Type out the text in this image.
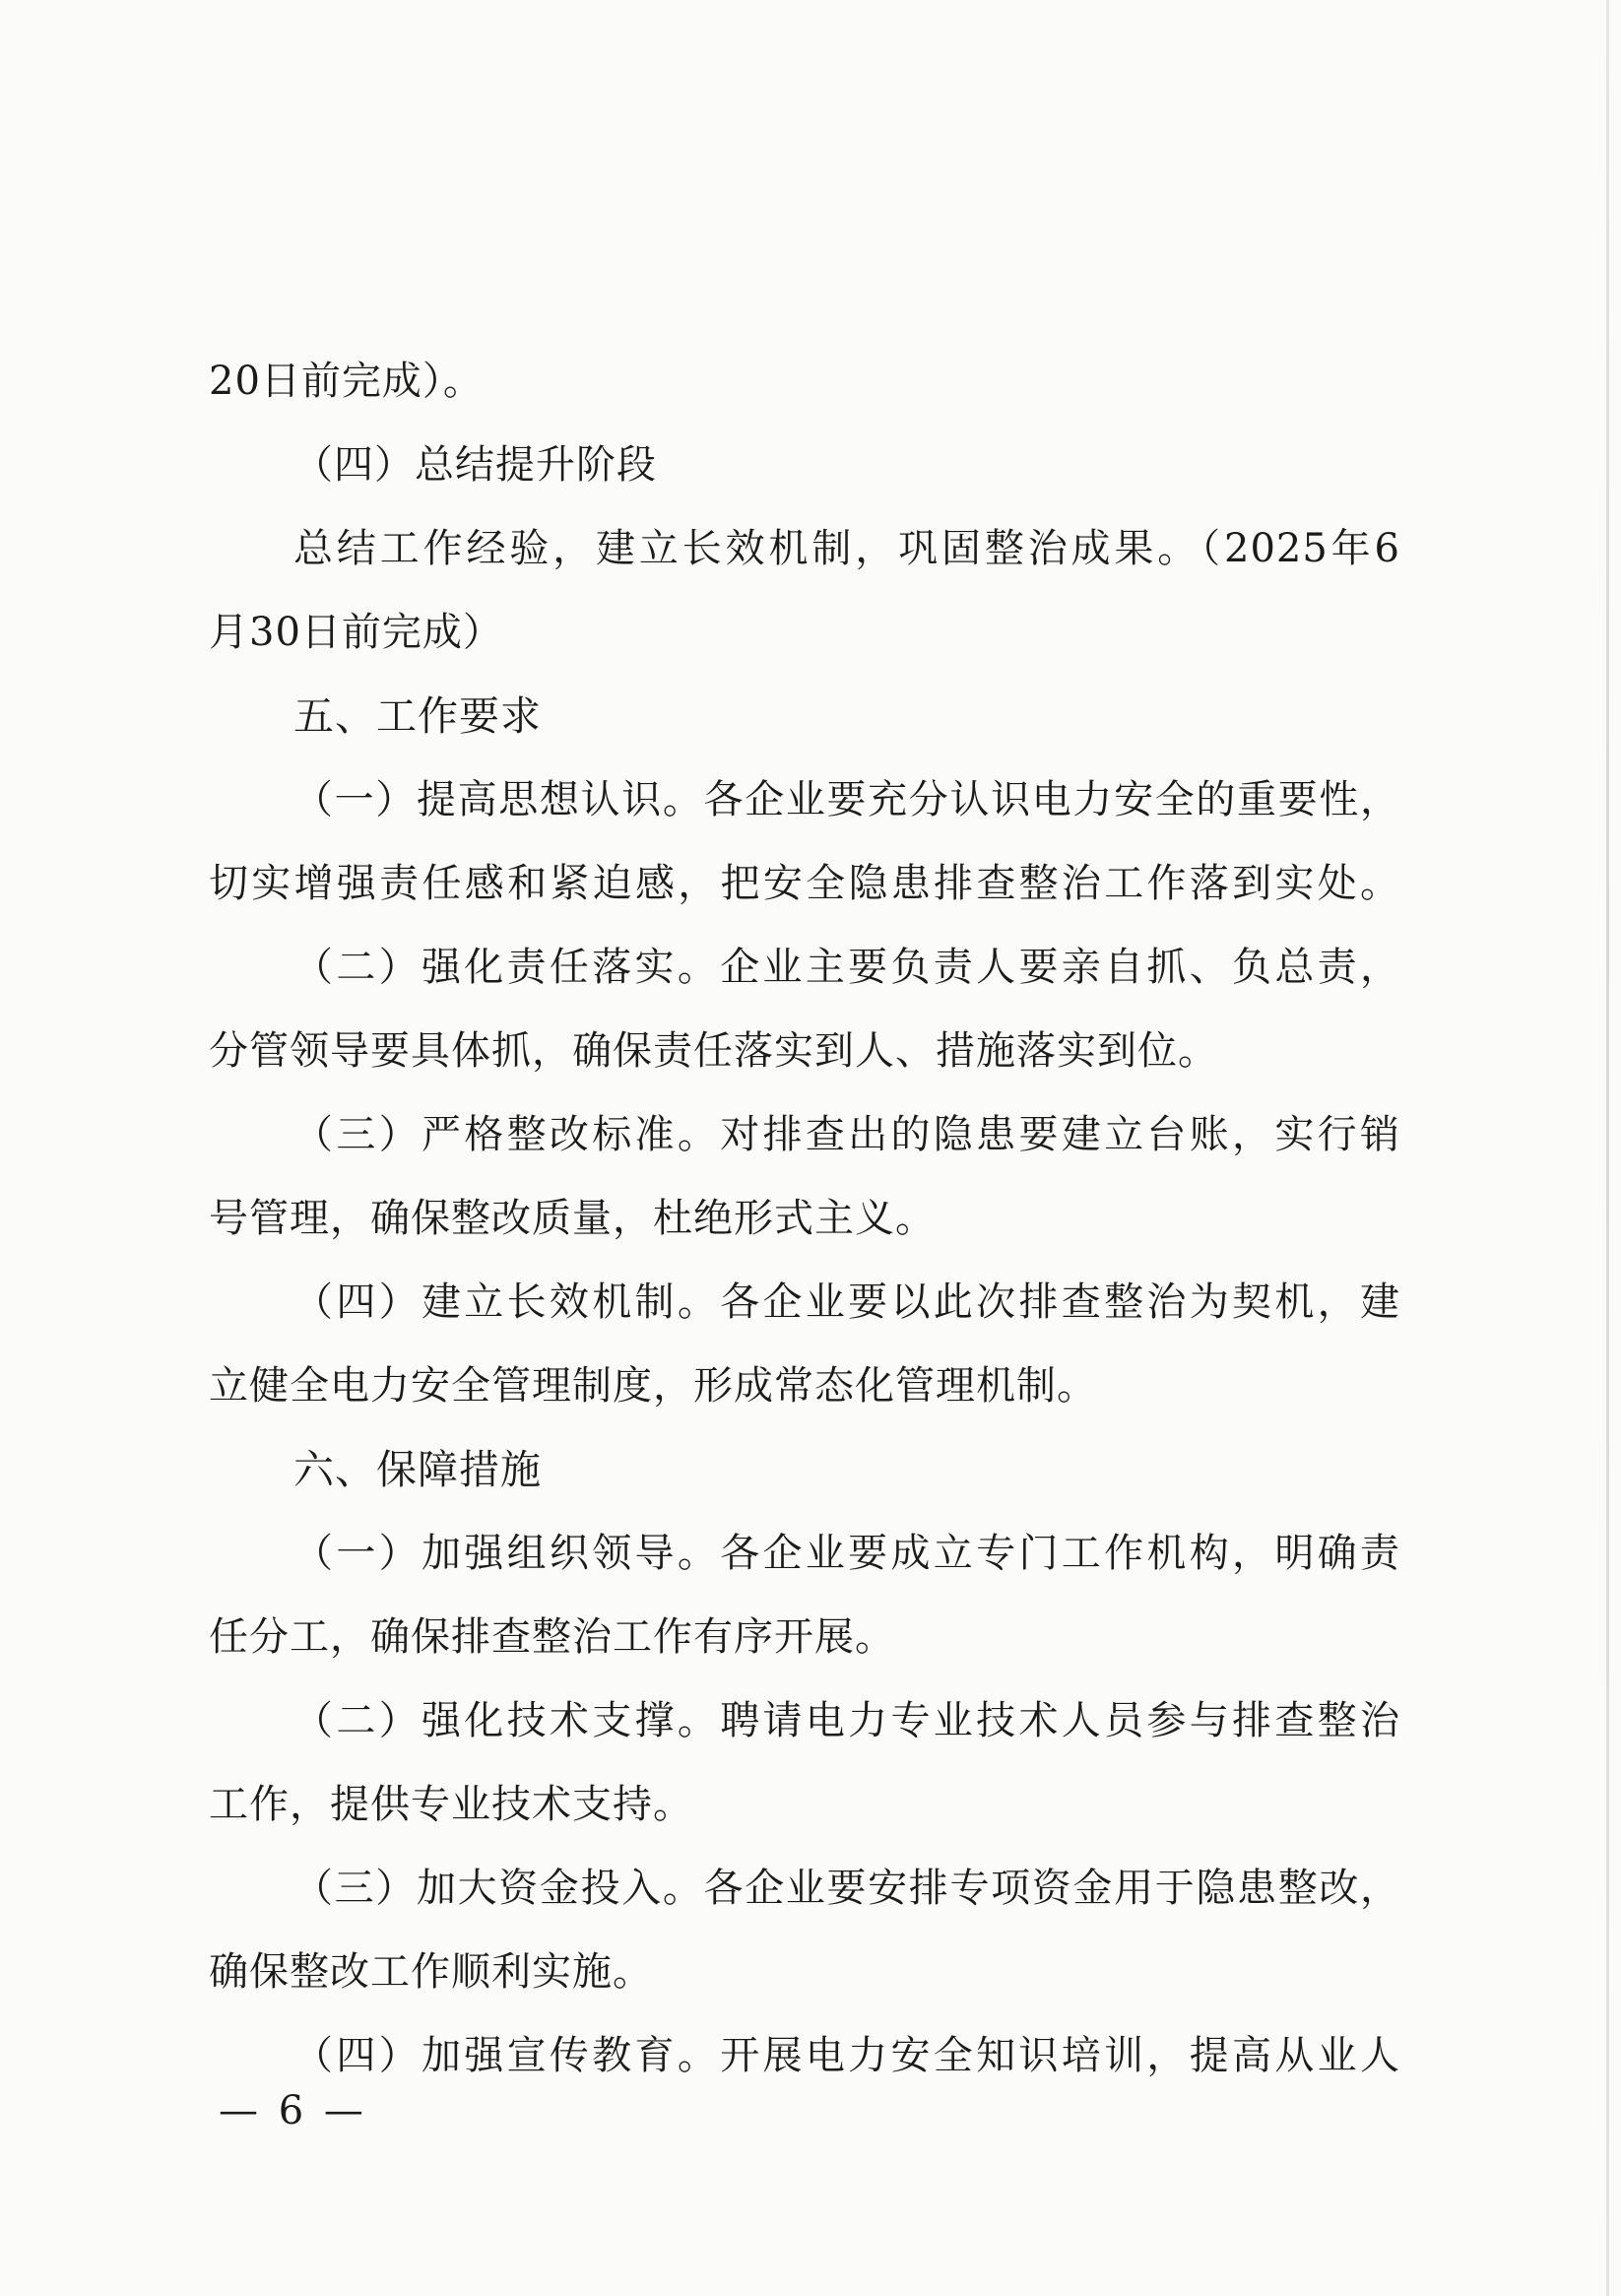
20日前完成）。
（四）总结提升阶段
总结工作经验，建立长效机制，巩固整治成果。（2025年6
月30日前完成）
五、工作要求
（一）提高思想认识。各企业要充分认识电力安全的重要性，
切实增强责任感和紧迫感，把安全隐患排查整治工作落到实处。
（二）强化责任落实。企业主要负责人要亲自抓、负总责，
分管领导要具体抓，确保责任落实到人、措施落实到位。
（三）严格整改标准。对排查出的隐患要建立台账，实行销
号管理，确保整改质量，杜绝形式主义。
（四）建立长效机制。各企业要以此次排查整治为契机，建
立健全电力安全管理制度，形成常态化管理机制。
六、保障措施
（一）加强组织领导。各企业要成立专门工作机构，明确责
任分工，确保排查整治工作有序开展。
（二）强化技术支撑。聘请电力专业技术人员参与排查整治
工作，提供专业技术支持。
（三）加大资金投入。各企业要安排专项资金用于隐患整改，
确保整改工作顺利实施。
（四）加强宣传教育。开展电力安全知识培训，提高从业人
— 6 —
